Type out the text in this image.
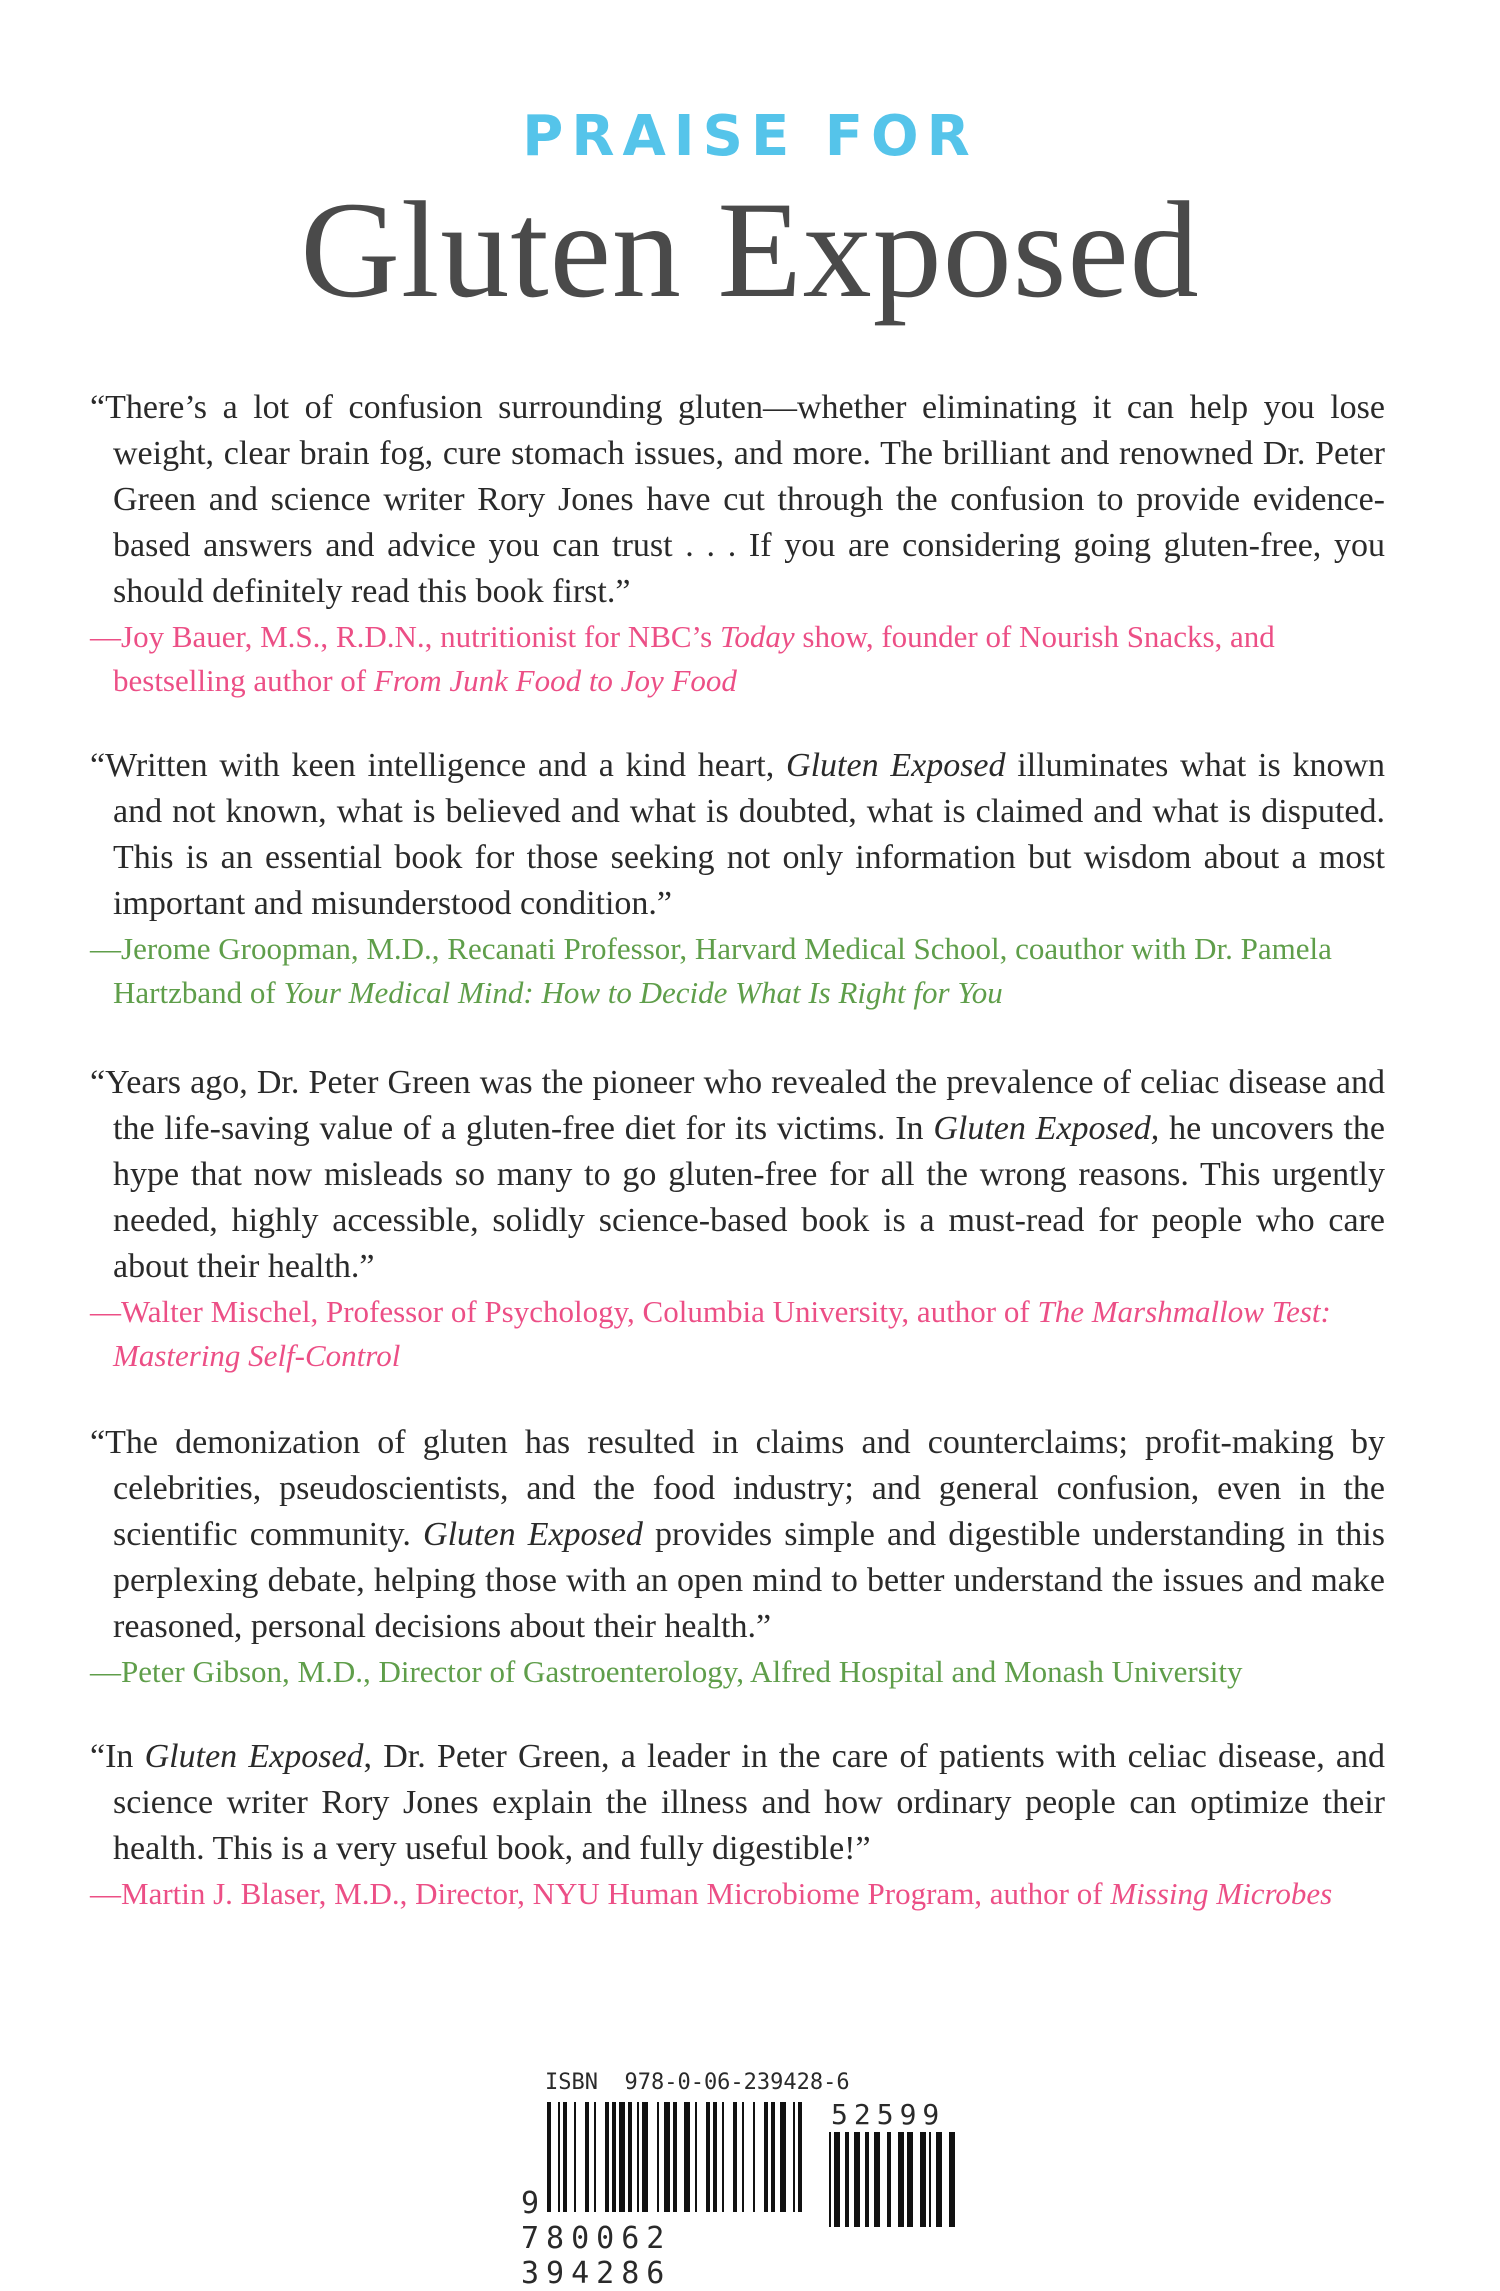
PRAISE FOR
Gluten Exposed
“There’s a lot of confusion surrounding gluten—whether eliminating it can help you lose weight, clear brain fog, cure stomach issues, and more. The brilliant and renowned Dr. Peter Green and science writer Rory Jones have cut through the confusion to provide evidence-based answers and advice you can trust . . . If you are considering going gluten-free, you should definitely read this book first.”
—Joy Bauer, M.S., R.D.N., nutritionist for NBC’s Today show, founder of Nourish Snacks, and bestselling author of From Junk Food to Joy Food
“Written with keen intelligence and a kind heart, Gluten Exposed illuminates what is known and not known, what is believed and what is doubted, what is claimed and what is disputed. This is an essential book for those seeking not only information but wisdom about a most important and misunderstood condition.”
—Jerome Groopman, M.D., Recanati Professor, Harvard Medical School, coauthor with Dr. Pamela Hartzband of Your Medical Mind: How to Decide What Is Right for You
“Years ago, Dr. Peter Green was the pioneer who revealed the prevalence of celiac disease and the life-saving value of a gluten-free diet for its victims. In Gluten Exposed, he uncovers the hype that now misleads so many to go gluten-free for all the wrong reasons. This urgently needed, highly accessible, solidly science-based book is a must-read for people who care about their health.”
—Walter Mischel, Professor of Psychology, Columbia University, author of The Marshmallow Test: Mastering Self-Control
“The demonization of gluten has resulted in claims and counterclaims; profit-making by celebrities, pseudoscientists, and the food industry; and general confusion, even in the scientific community. Gluten Exposed provides simple and digestible understanding in this perplexing debate, helping those with an open mind to better understand the issues and make reasoned, personal decisions about their health.”
—Peter Gibson, M.D., Director of Gastroenterology, Alfred Hospital and Monash University
“In Gluten Exposed, Dr. Peter Green, a leader in the care of patients with celiac disease, and science writer Rory Jones explain the illness and how ordinary people can optimize their health. This is a very useful book, and fully digestible!”
—Martin J. Blaser, M.D., Director, NYU Human Microbiome Program, author of Missing Microbes
ISBN  978-0-06-239428-6
9 780062 394286
52599
